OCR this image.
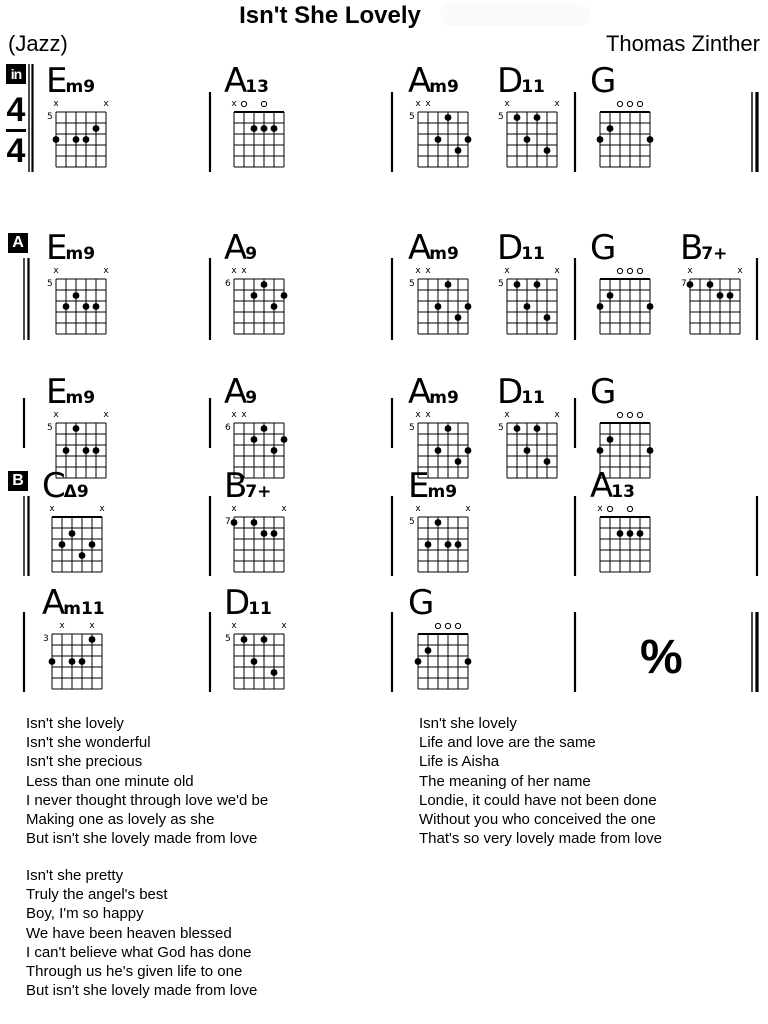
Isn't She Lovely
(Jazz)	Thomas Zinther
in
A
B
4
4
Em9
x	x
5
A13
x
Am9
x x
5
D11
x	x
5
G
Em9
x	x
5
A9
x x
6
Am9
x x
5
D11
x	x
5
G B7+
x	x
7
Em9
x	x
5
A9
x x
6
Am9
x x
5
D11
x	x
5
G
CΔ9
x	x
B7+
x	x
7
Em9
x	x
5
A13
x
Am11
x	x
3
D11
x	x
5
G
%
Isn't she lovely
Isn't she wonderful
Isn't she precious
Less than one minute old
I never thought through love we'd be
Making one as lovely as she
But isn't she lovely made from love
Isn't she pretty
Truly the angel's best
Boy, I'm so happy
We have been heaven blessed
I can't believe what God has done
Through us he's given life to one
But isn't she lovely made from love
Isn't she lovely
Life and love are the same
Life is Aisha
The meaning of her name
Londie, it could have not been done
Without you who conceived the one
That's so very lovely made from love
